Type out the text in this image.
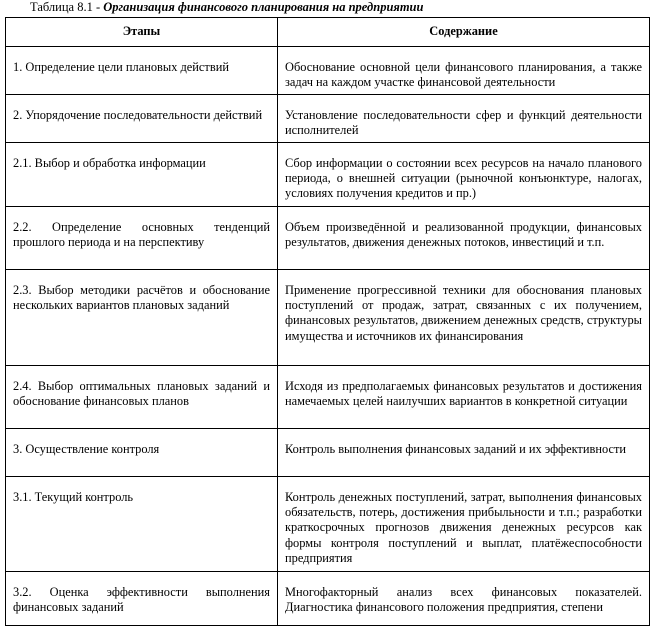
Таблица 8.1 - Организация финансового планирования на предприятии
Этапы	Содержание
1. Определение цели плановых действий	Обоснование основной цели финансового планирования, а также задач на каждом участке финансовой деятельности
2. Упорядочение последовательности действий	Установление последовательности сфер и функций деятельности исполнителей
2.1. Выбор и обработка информации	Сбор информации о состоянии всех ресурсов на начало планового периода, о внешней ситуации (рыночной конъюнктуре, налогах, условиях получения кредитов и пр.)
2.2. Определение основных тенденций прошлого периода и на перспективу	Объем произведённой и реализованной продукции, финансовых результатов, движения денежных потоков, инвестиций и т.п.
2.3. Выбор методики расчётов и обоснование нескольких вариантов плановых заданий	Применение прогрессивной техники для обоснования плановых поступлений от продаж, затрат, связанных с их получением, финансовых результатов, движением денежных средств, структуры имущества и источников их финансирования
2.4. Выбор оптимальных плановых заданий и обоснование финансовых планов	Исходя из предполагаемых финансовых результатов и достижения намечаемых целей наилучших вариантов в конкретной ситуации
3. Осуществление контроля	Контроль выполнения финансовых заданий и их эффективности
3.1. Текущий контроль	Контроль денежных поступлений, затрат, выполнения финансовых обязательств, потерь, достижения прибыльности и т.п.; разработки краткосрочных прогнозов движения денежных ресурсов как формы контроля поступлений и выплат, платёжеспособности предприятия
3.2. Оценка эффективности выполнения финансовых заданий	Многофакторный анализ всех финансовых показателей. Диагностика финансового положения предприятия, степени
